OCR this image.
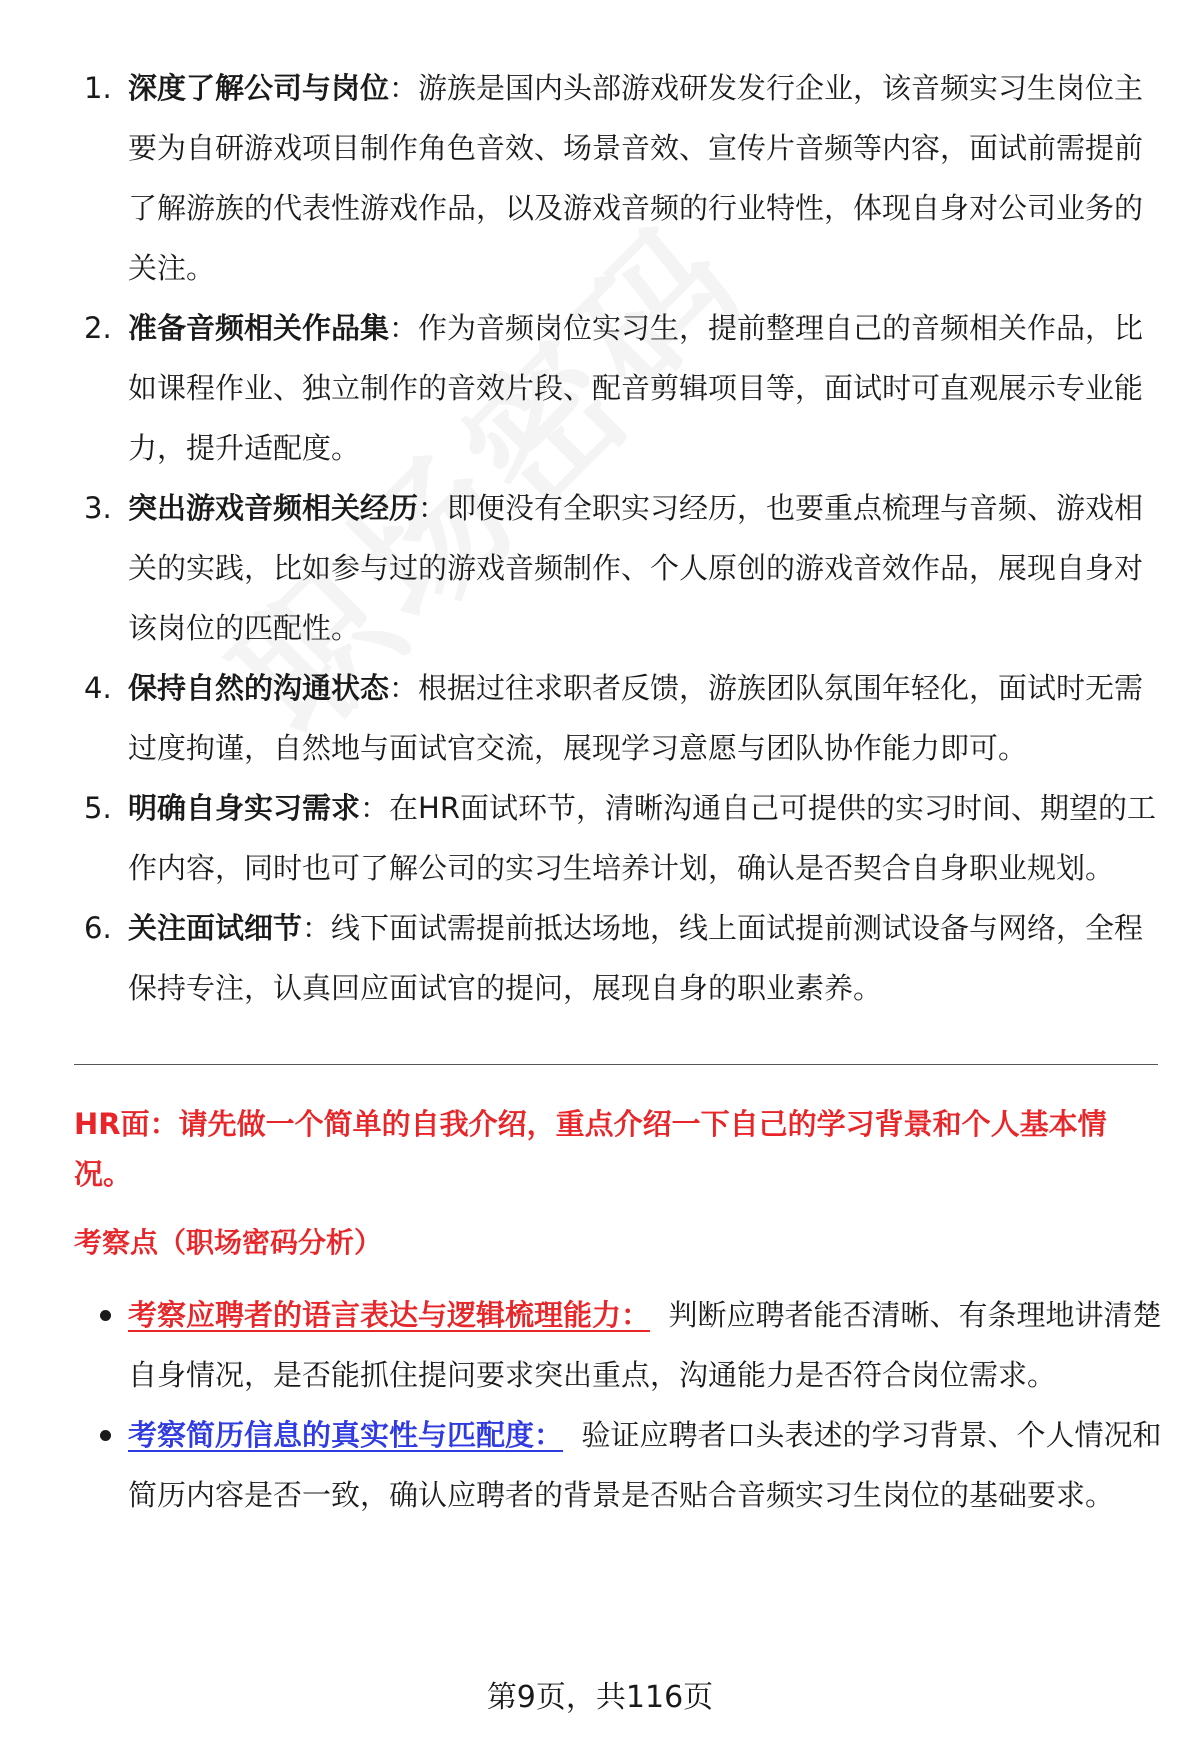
1. 深度了解公司与岗位：游族是国内头部游戏研发发行企业，该音频实习生岗位主要为自研游戏项目制作角色音效、场景音效、宣传片音频等内容，面试前需提前了解游族的代表性游戏作品，以及游戏音频的行业特性，体现自身对公司业务的关注。
2. 准备音频相关作品集：作为音频岗位实习生，提前整理自己的音频相关作品，比如课程作业、独立制作的音效片段、配音剪辑项目等，面试时可直观展示专业能力，提升适配度。
3. 突出游戏音频相关经历：即便没有全职实习经历，也要重点梳理与音频、游戏相关的实践，比如参与过的游戏音频制作、个人原创的游戏音效作品，展现自身对该岗位的匹配性。
4. 保持自然的沟通状态：根据过往求职者反馈，游族团队氛围年轻化，面试时无需过度拘谨，自然地与面试官交流，展现学习意愿与团队协作能力即可。
5. 明确自身实习需求：在HR面试环节，清晰沟通自己可提供的实习时间、期望的工作内容，同时也可了解公司的实习生培养计划，确认是否契合自身职业规划。
6. 关注面试细节：线下面试需提前抵达场地，线上面试提前测试设备与网络，全程保持专注，认真回应面试官的提问，展现自身的职业素养。
HR面：请先做一个简单的自我介绍，重点介绍一下自己的学习背景和个人基本情况。
考察点（职场密码分析）
考察应聘者的语言表达与逻辑梳理能力： 判断应聘者能否清晰、有条理地讲清楚自身情况，是否能抓住提问要求突出重点，沟通能力是否符合岗位需求。
考察简历信息的真实性与匹配度： 验证应聘者口头表述的学习背景、个人情况和简历内容是否一致，确认应聘者的背景是否贴合音频实习生岗位的基础要求。
第9页，共116页
